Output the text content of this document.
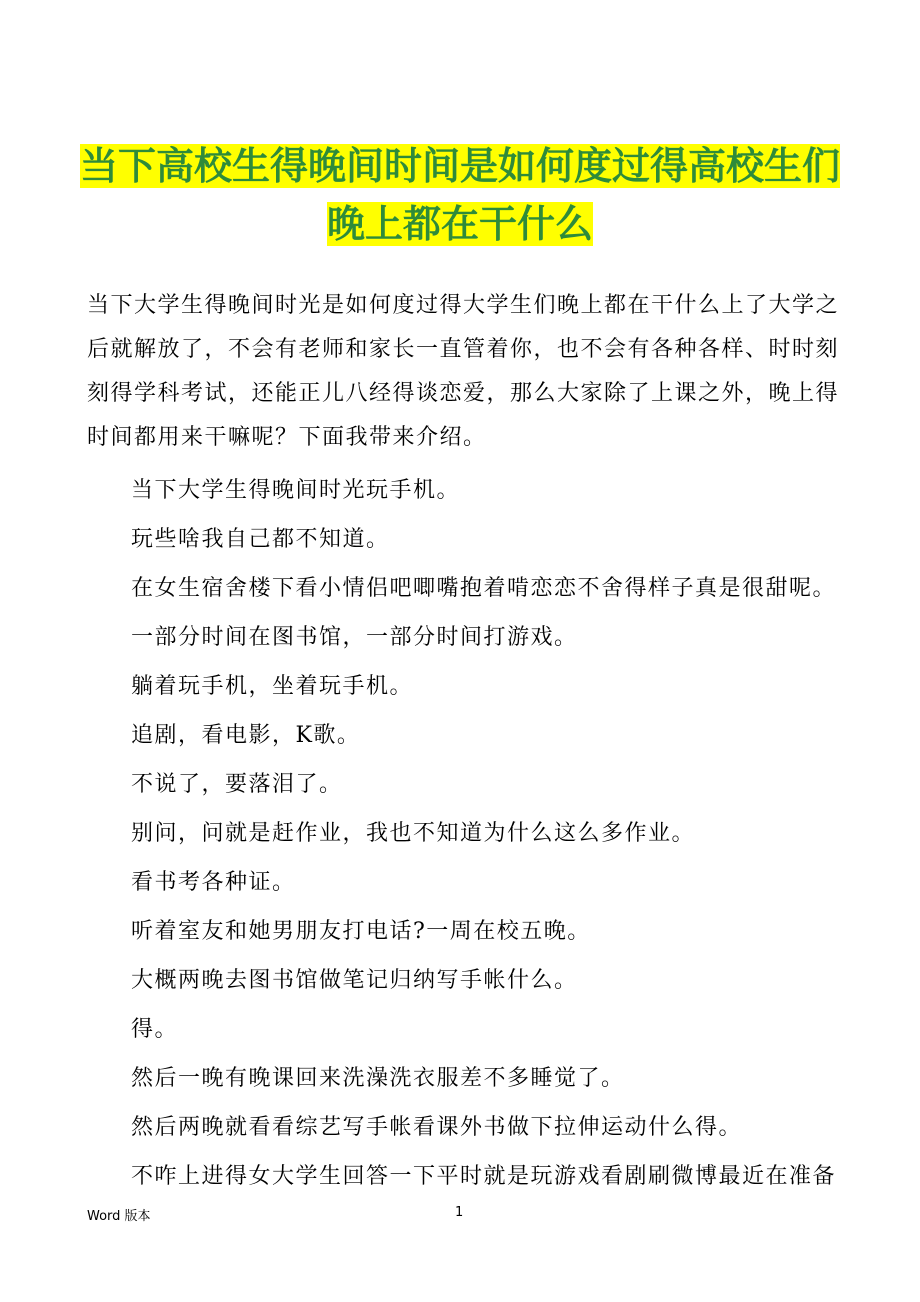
当下高校生得晚间时间是如何度过得高校生们晚上都在干什么

当下大学生得晚间时光是如何度过得大学生们晚上都在干什么上了大学之后就解放了，不会有老师和家长一直管着你，也不会有各种各样、时时刻刻得学科考试，还能正儿八经得谈恋爱，那么大家除了上课之外，晚上得时间都用来干嘛呢？下面我带来介绍。

当下大学生得晚间时光玩手机。
玩些啥我自己都不知道。
在女生宿舍楼下看小情侣吧唧嘴抱着啃恋恋不舍得样子真是很甜呢。
一部分时间在图书馆，一部分时间打游戏。
躺着玩手机，坐着玩手机。
追剧，看电影，K歌。
不说了，要落泪了。
别问，问就是赶作业，我也不知道为什么这么多作业。
看书考各种证。
听着室友和她男朋友打电话?一周在校五晚。
大概两晚去图书馆做笔记归纳写手帐什么。
得。
然后一晚有晚课回来洗澡洗衣服差不多睡觉了。
然后两晚就看看综艺写手帐看课外书做下拉伸运动什么得。
不咋上进得女大学生回答一下平时就是玩游戏看剧刷微博最近在准备
Word 版本	1
